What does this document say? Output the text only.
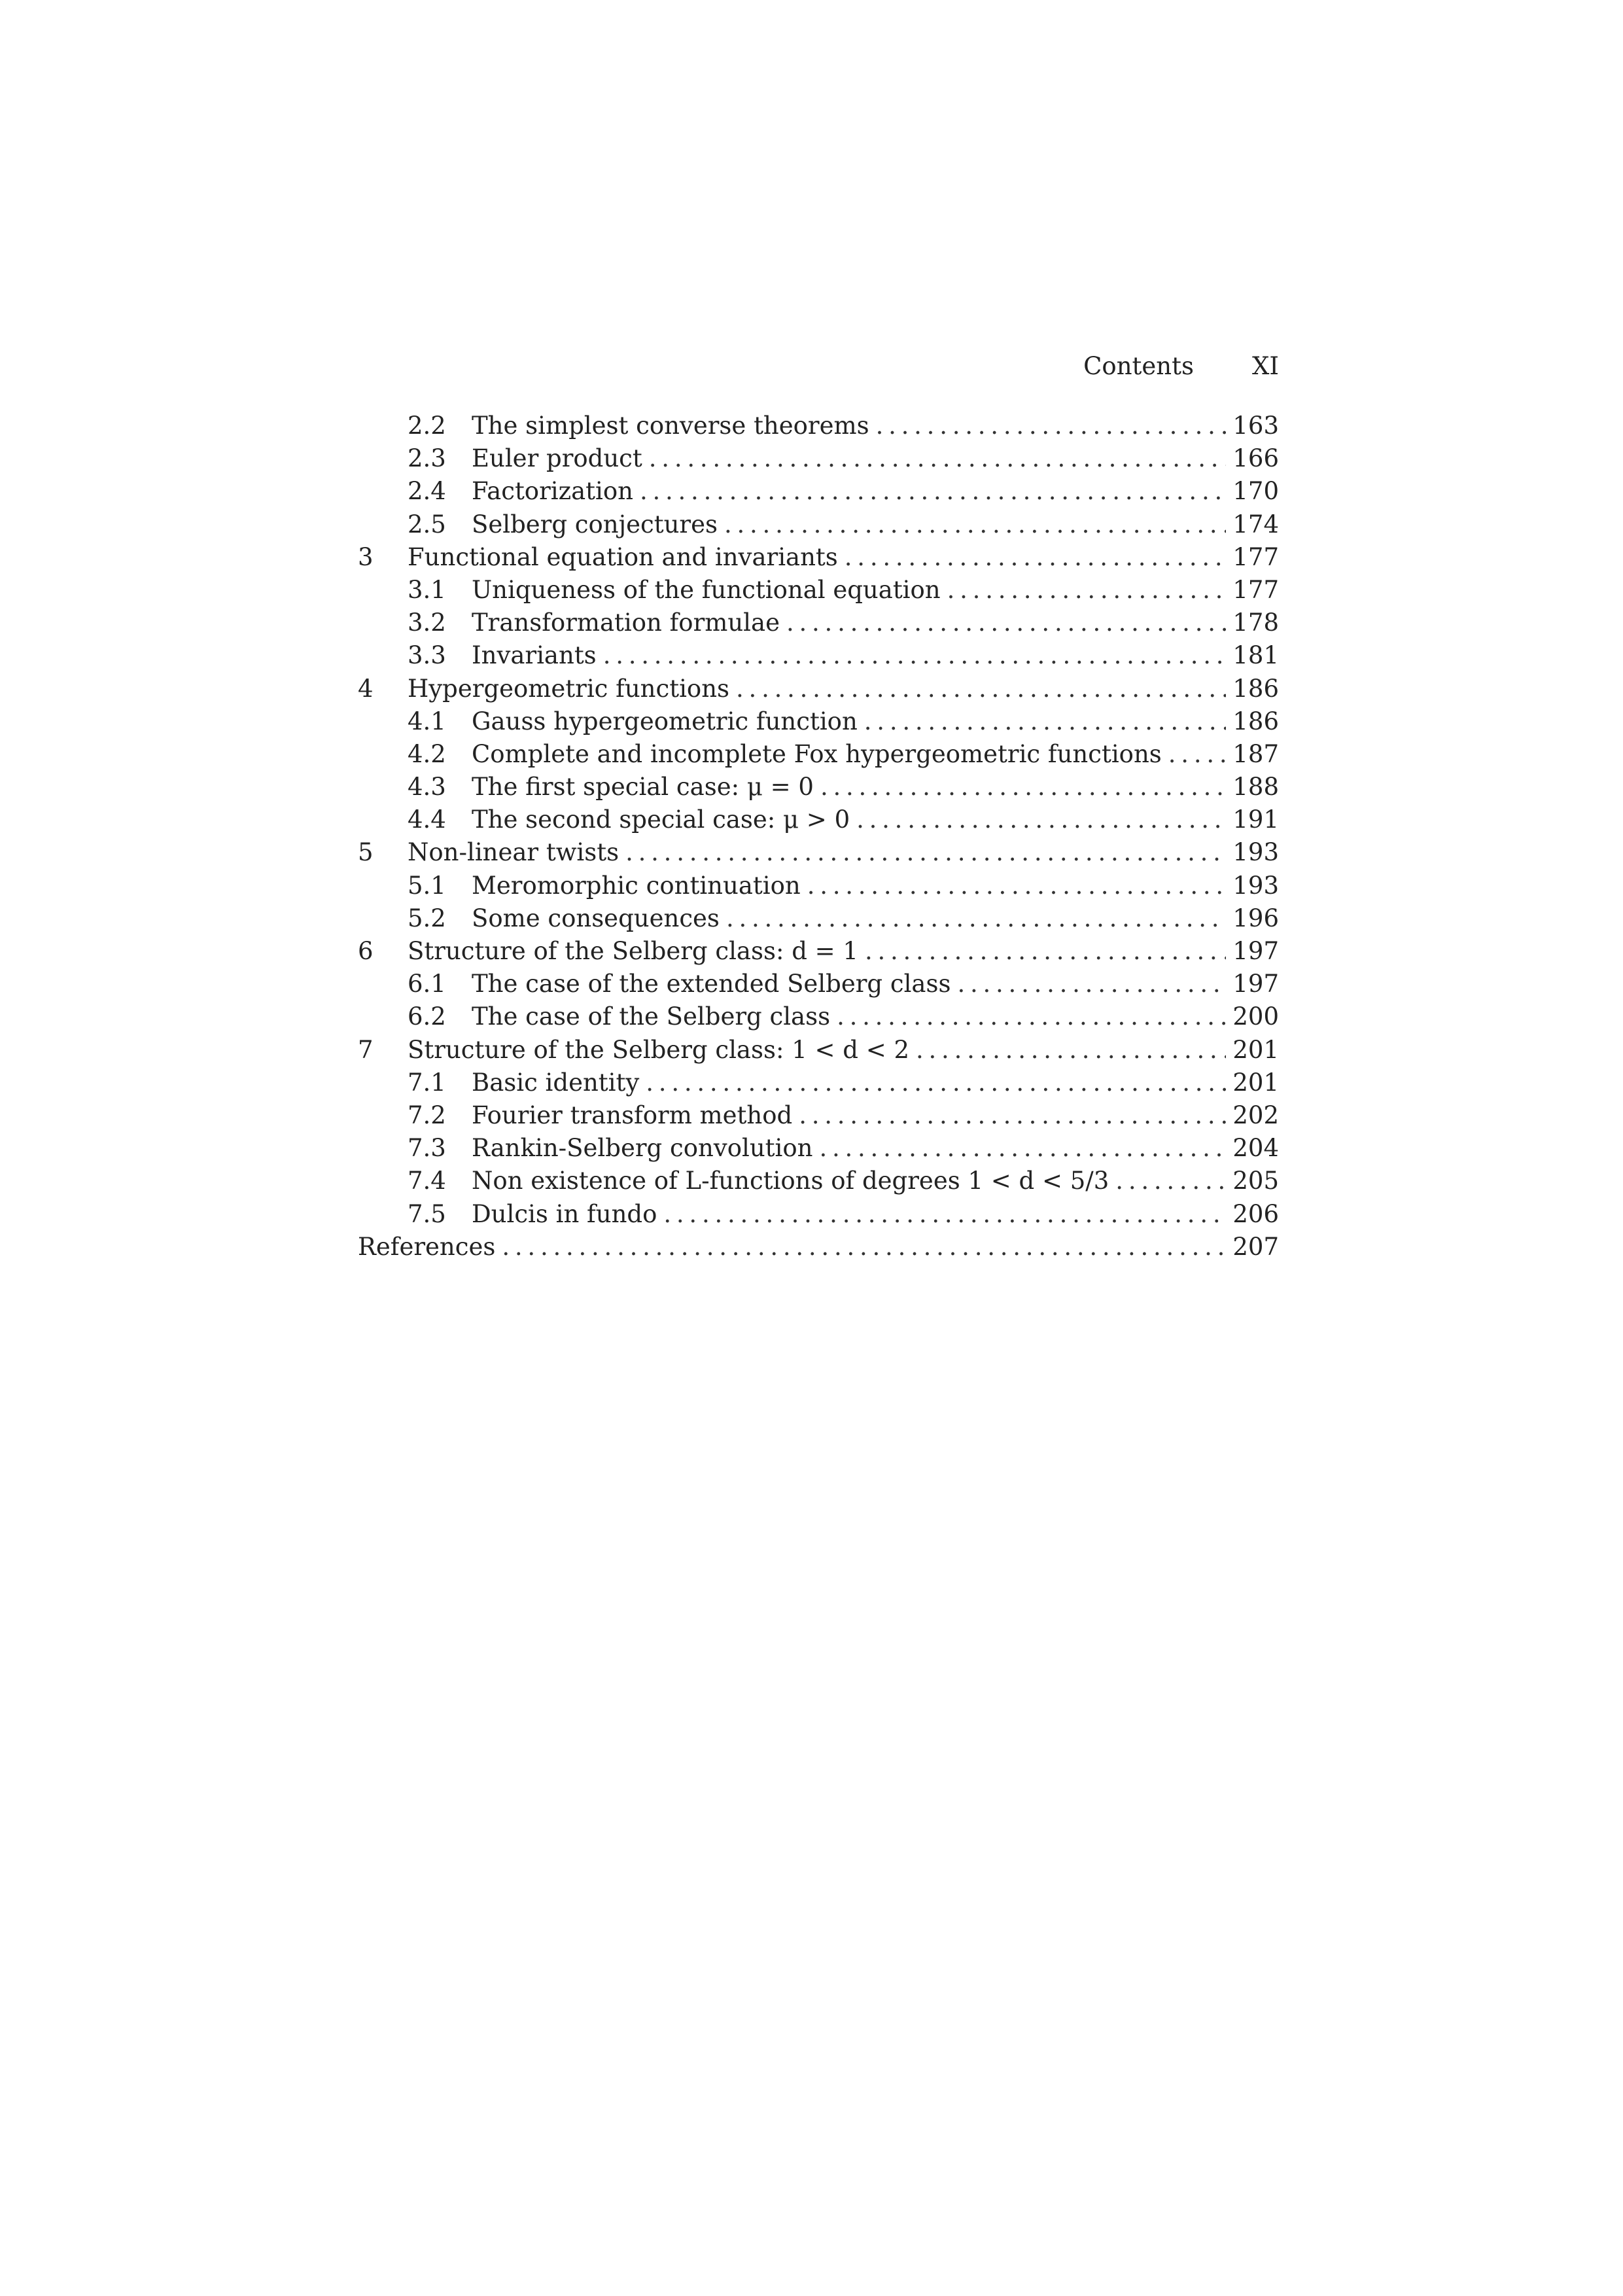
Contents XI
2.2	The simplest converse theorems . . .	163
2.3	Euler product . . .	166
2.4	Factorization . . .	170
2.5	Selberg conjectures . . .	174
3	Functional equation and invariants . . .	177
3.1	Uniqueness of the functional equation . . .	177
3.2	Transformation formulae . . .	178
3.3	Invariants . . .	181
4	Hypergeometric functions . . .	186
4.1	Gauss hypergeometric function . . .	186
4.2	Complete and incomplete Fox hypergeometric functions . . .	187
4.3	The first special case: μ = 0 . . .	188
4.4	The second special case: μ > 0 . . .	191
5	Non-linear twists . . .	193
5.1	Meromorphic continuation . . .	193
5.2	Some consequences . . .	196
6	Structure of the Selberg class: d = 1 . . .	197
6.1	The case of the extended Selberg class . . .	197
6.2	The case of the Selberg class . . .	200
7	Structure of the Selberg class: 1 < d < 2 . . .	201
7.1	Basic identity . . .	201
7.2	Fourier transform method . . .	202
7.3	Rankin-Selberg convolution . . .	204
7.4	Non existence of L-functions of degrees 1 < d < 5/3 . . .	205
7.5	Dulcis in fundo . . .	206
References . . .	207
